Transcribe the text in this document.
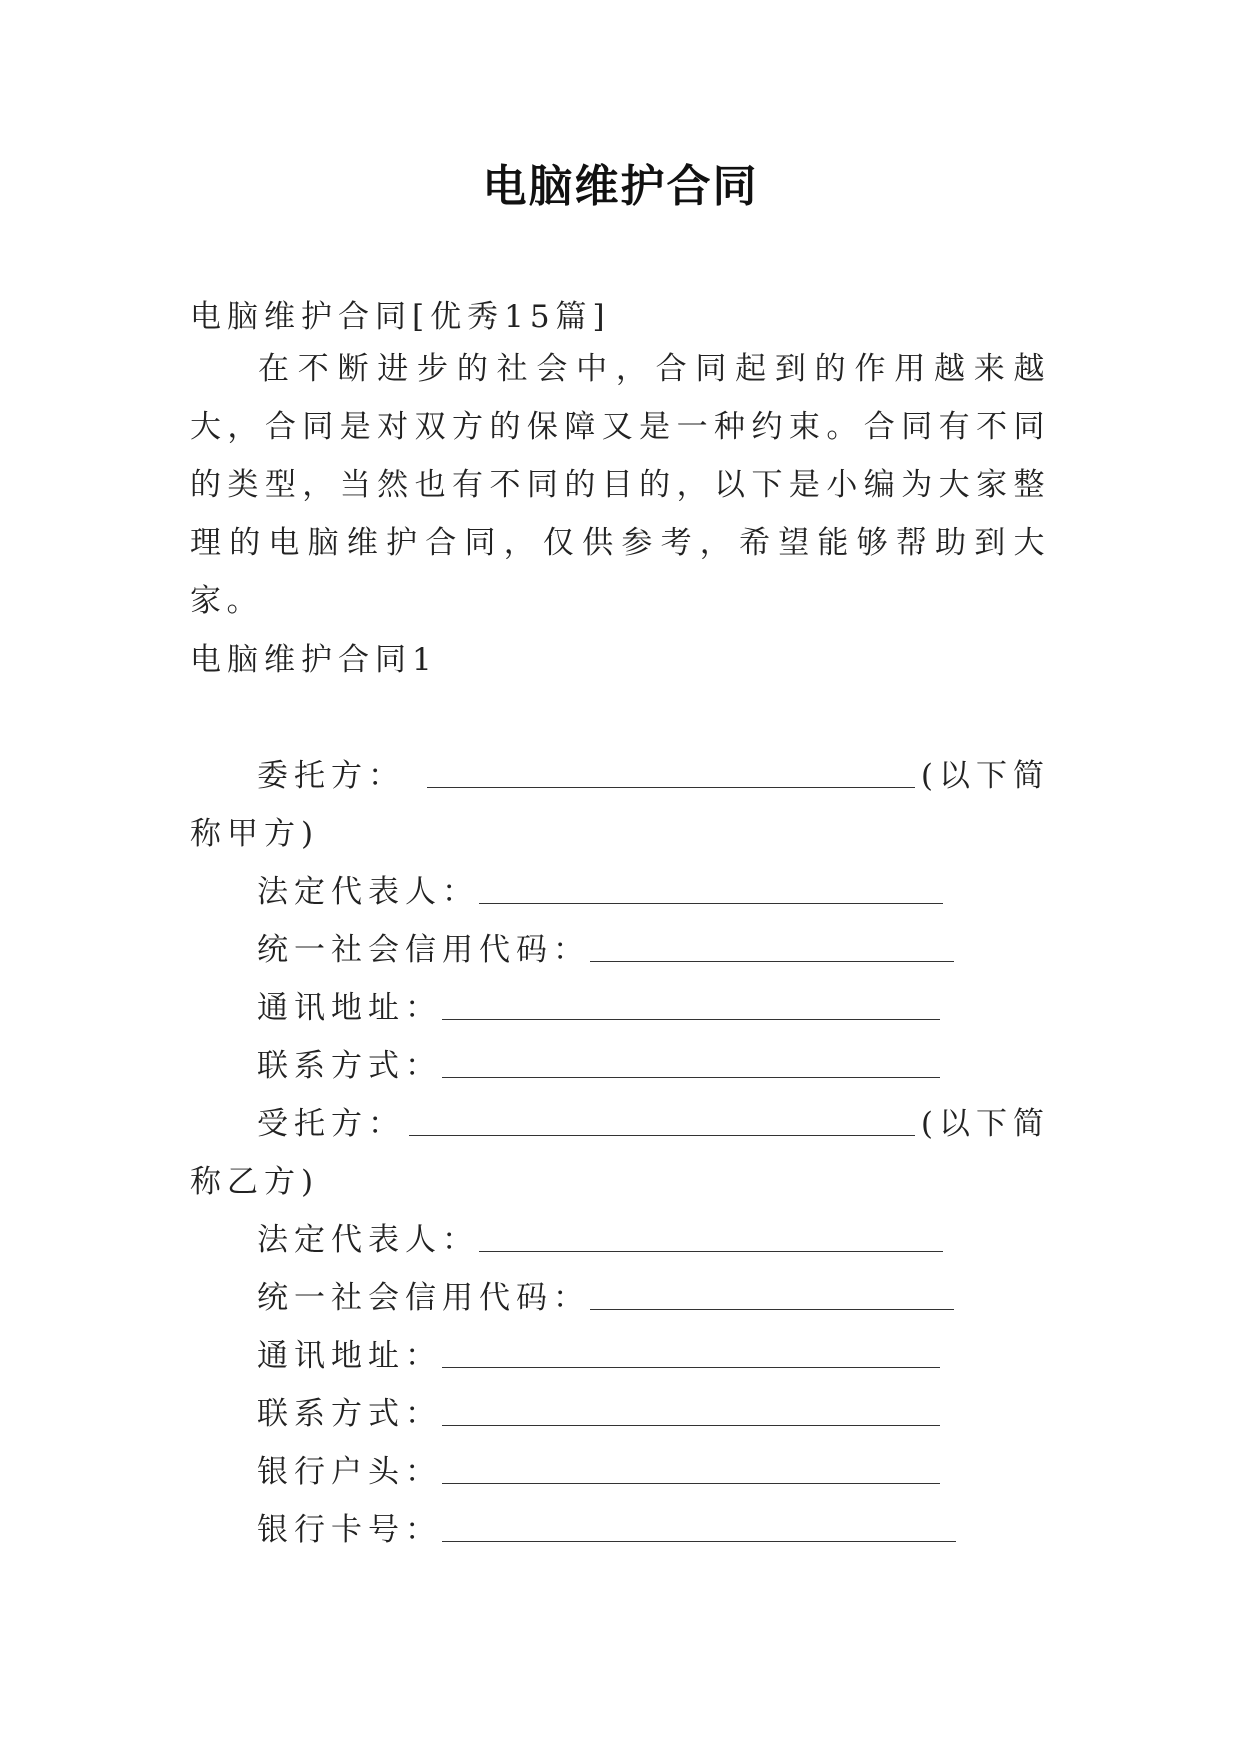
电脑维护合同
电脑维护合同[优秀15篇]
在不断进步的社会中，合同起到的作用越来越大，合同是对双方的保障又是一种约束。合同有不同的类型，当然也有不同的目的，以下是小编为大家整理的电脑维护合同，仅供参考，希望能够帮助到大家。
电脑维护合同1
委托方：	(以下简
称甲方)
法定代表人：
统一社会信用代码：
通讯地址：
联系方式：
受托方：	(以下简
称乙方)
法定代表人：
统一社会信用代码：
通讯地址：
联系方式：
银行户头：
银行卡号：
